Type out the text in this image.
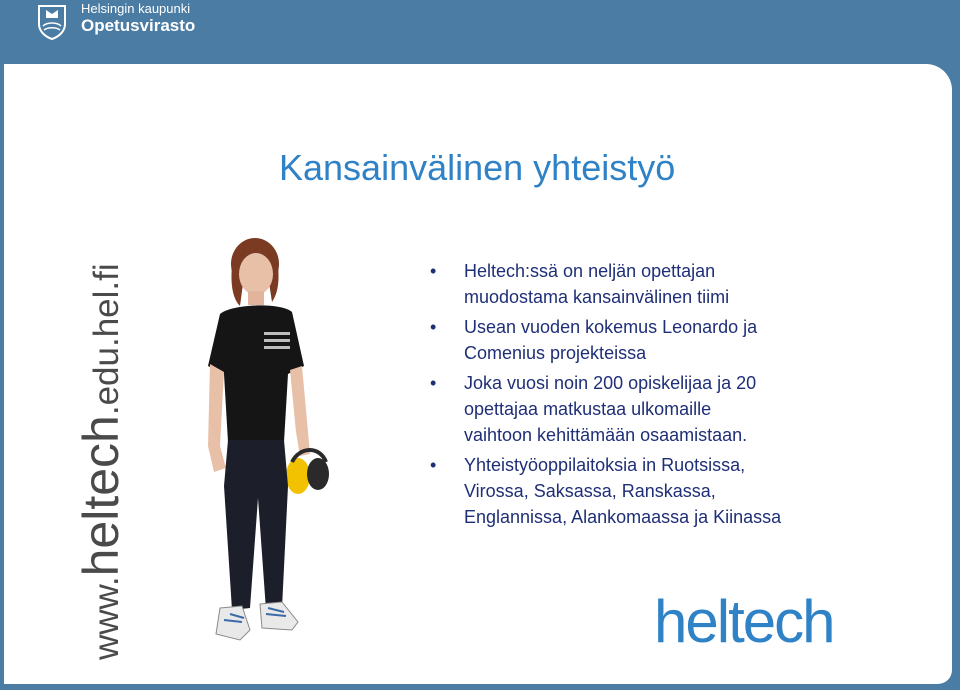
Helsingin kaupunki
Opetusvirasto
www.heltech.edu.hel.fi
Kansainvälinen yhteistyö
• Heltech:ssä on neljän opettajan
muodostama kansainvälinen tiimi
• Usean vuoden kokemus Leonardo ja
Comenius projekteissa
• Joka vuosi noin 200 opiskelijaa ja 20
opettajaa matkustaa ulkomaille
vaihtoon kehittämään osaamistaan.
• Yhteistyöoppilaitoksia in Ruotsissa,
Virossa, Saksassa, Ranskassa,
Englannissa, Alankomaassa ja Kiinassa
heltech
